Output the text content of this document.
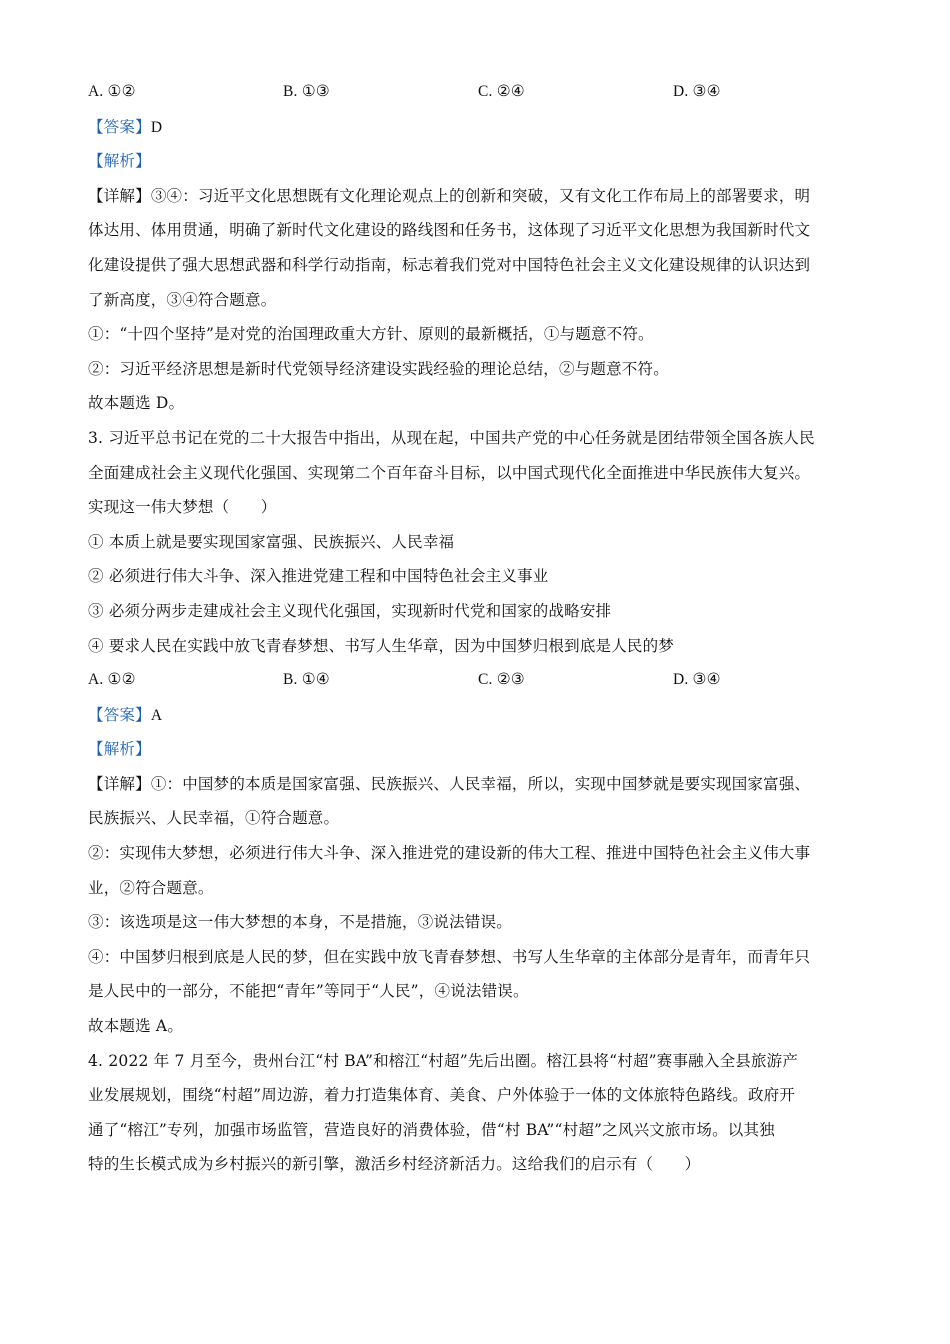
A. ①②	B. ①③	C. ②④	D. ③④
【答案】D
【解析】
【详解】③④：习近平文化思想既有文化理论观点上的创新和突破，又有文化工作布局上的部署要求，明
体达用、体用贯通，明确了新时代文化建设的路线图和任务书，这体现了习近平文化思想为我国新时代文
化建设提供了强大思想武器和科学行动指南，标志着我们党对中国特色社会主义文化建设规律的认识达到
了新高度，③④符合题意。
①：“十四个坚持”是对党的治国理政重大方针、原则的最新概括，①与题意不符。
②：习近平经济思想是新时代党领导经济建设实践经验的理论总结，②与题意不符。
故本题选 D。
3. 习近平总书记在党的二十大报告中指出，从现在起，中国共产党的中心任务就是团结带领全国各族人民
全面建成社会主义现代化强国、实现第二个百年奋斗目标，以中国式现代化全面推进中华民族伟大复兴。
实现这一伟大梦想（　　）
① 本质上就是要实现国家富强、民族振兴、人民幸福
② 必须进行伟大斗争、深入推进党建工程和中国特色社会主义事业
③ 必须分两步走建成社会主义现代化强国，实现新时代党和国家的战略安排
④ 要求人民在实践中放飞青春梦想、书写人生华章，因为中国梦归根到底是人民的梦
A. ①②	B. ①④	C. ②③	D. ③④
【答案】A
【解析】
【详解】①：中国梦的本质是国家富强、民族振兴、人民幸福，所以，实现中国梦就是要实现国家富强、
民族振兴、人民幸福，①符合题意。
②：实现伟大梦想，必须进行伟大斗争、深入推进党的建设新的伟大工程、推进中国特色社会主义伟大事
业，②符合题意。
③：该选项是这一伟大梦想的本身，不是措施，③说法错误。
④：中国梦归根到底是人民的梦，但在实践中放飞青春梦想、书写人生华章的主体部分是青年，而青年只
是人民中的一部分，不能把“青年”等同于“人民”，④说法错误。
故本题选 A。
4. 2022 年 7 月至今，贵州台江“村 BA”和榕江“村超”先后出圈。榕江县将“村超”赛事融入全县旅游产
业发展规划，围绕“村超”周边游，着力打造集体育、美食、户外体验于一体的文体旅特色路线。政府开
通了“榕江”专列，加强市场监管，营造良好的消费体验，借“村 BA”“村超”之风兴文旅市场。以其独
特的生长模式成为乡村振兴的新引擎，激活乡村经济新活力。这给我们的启示有（　　）
